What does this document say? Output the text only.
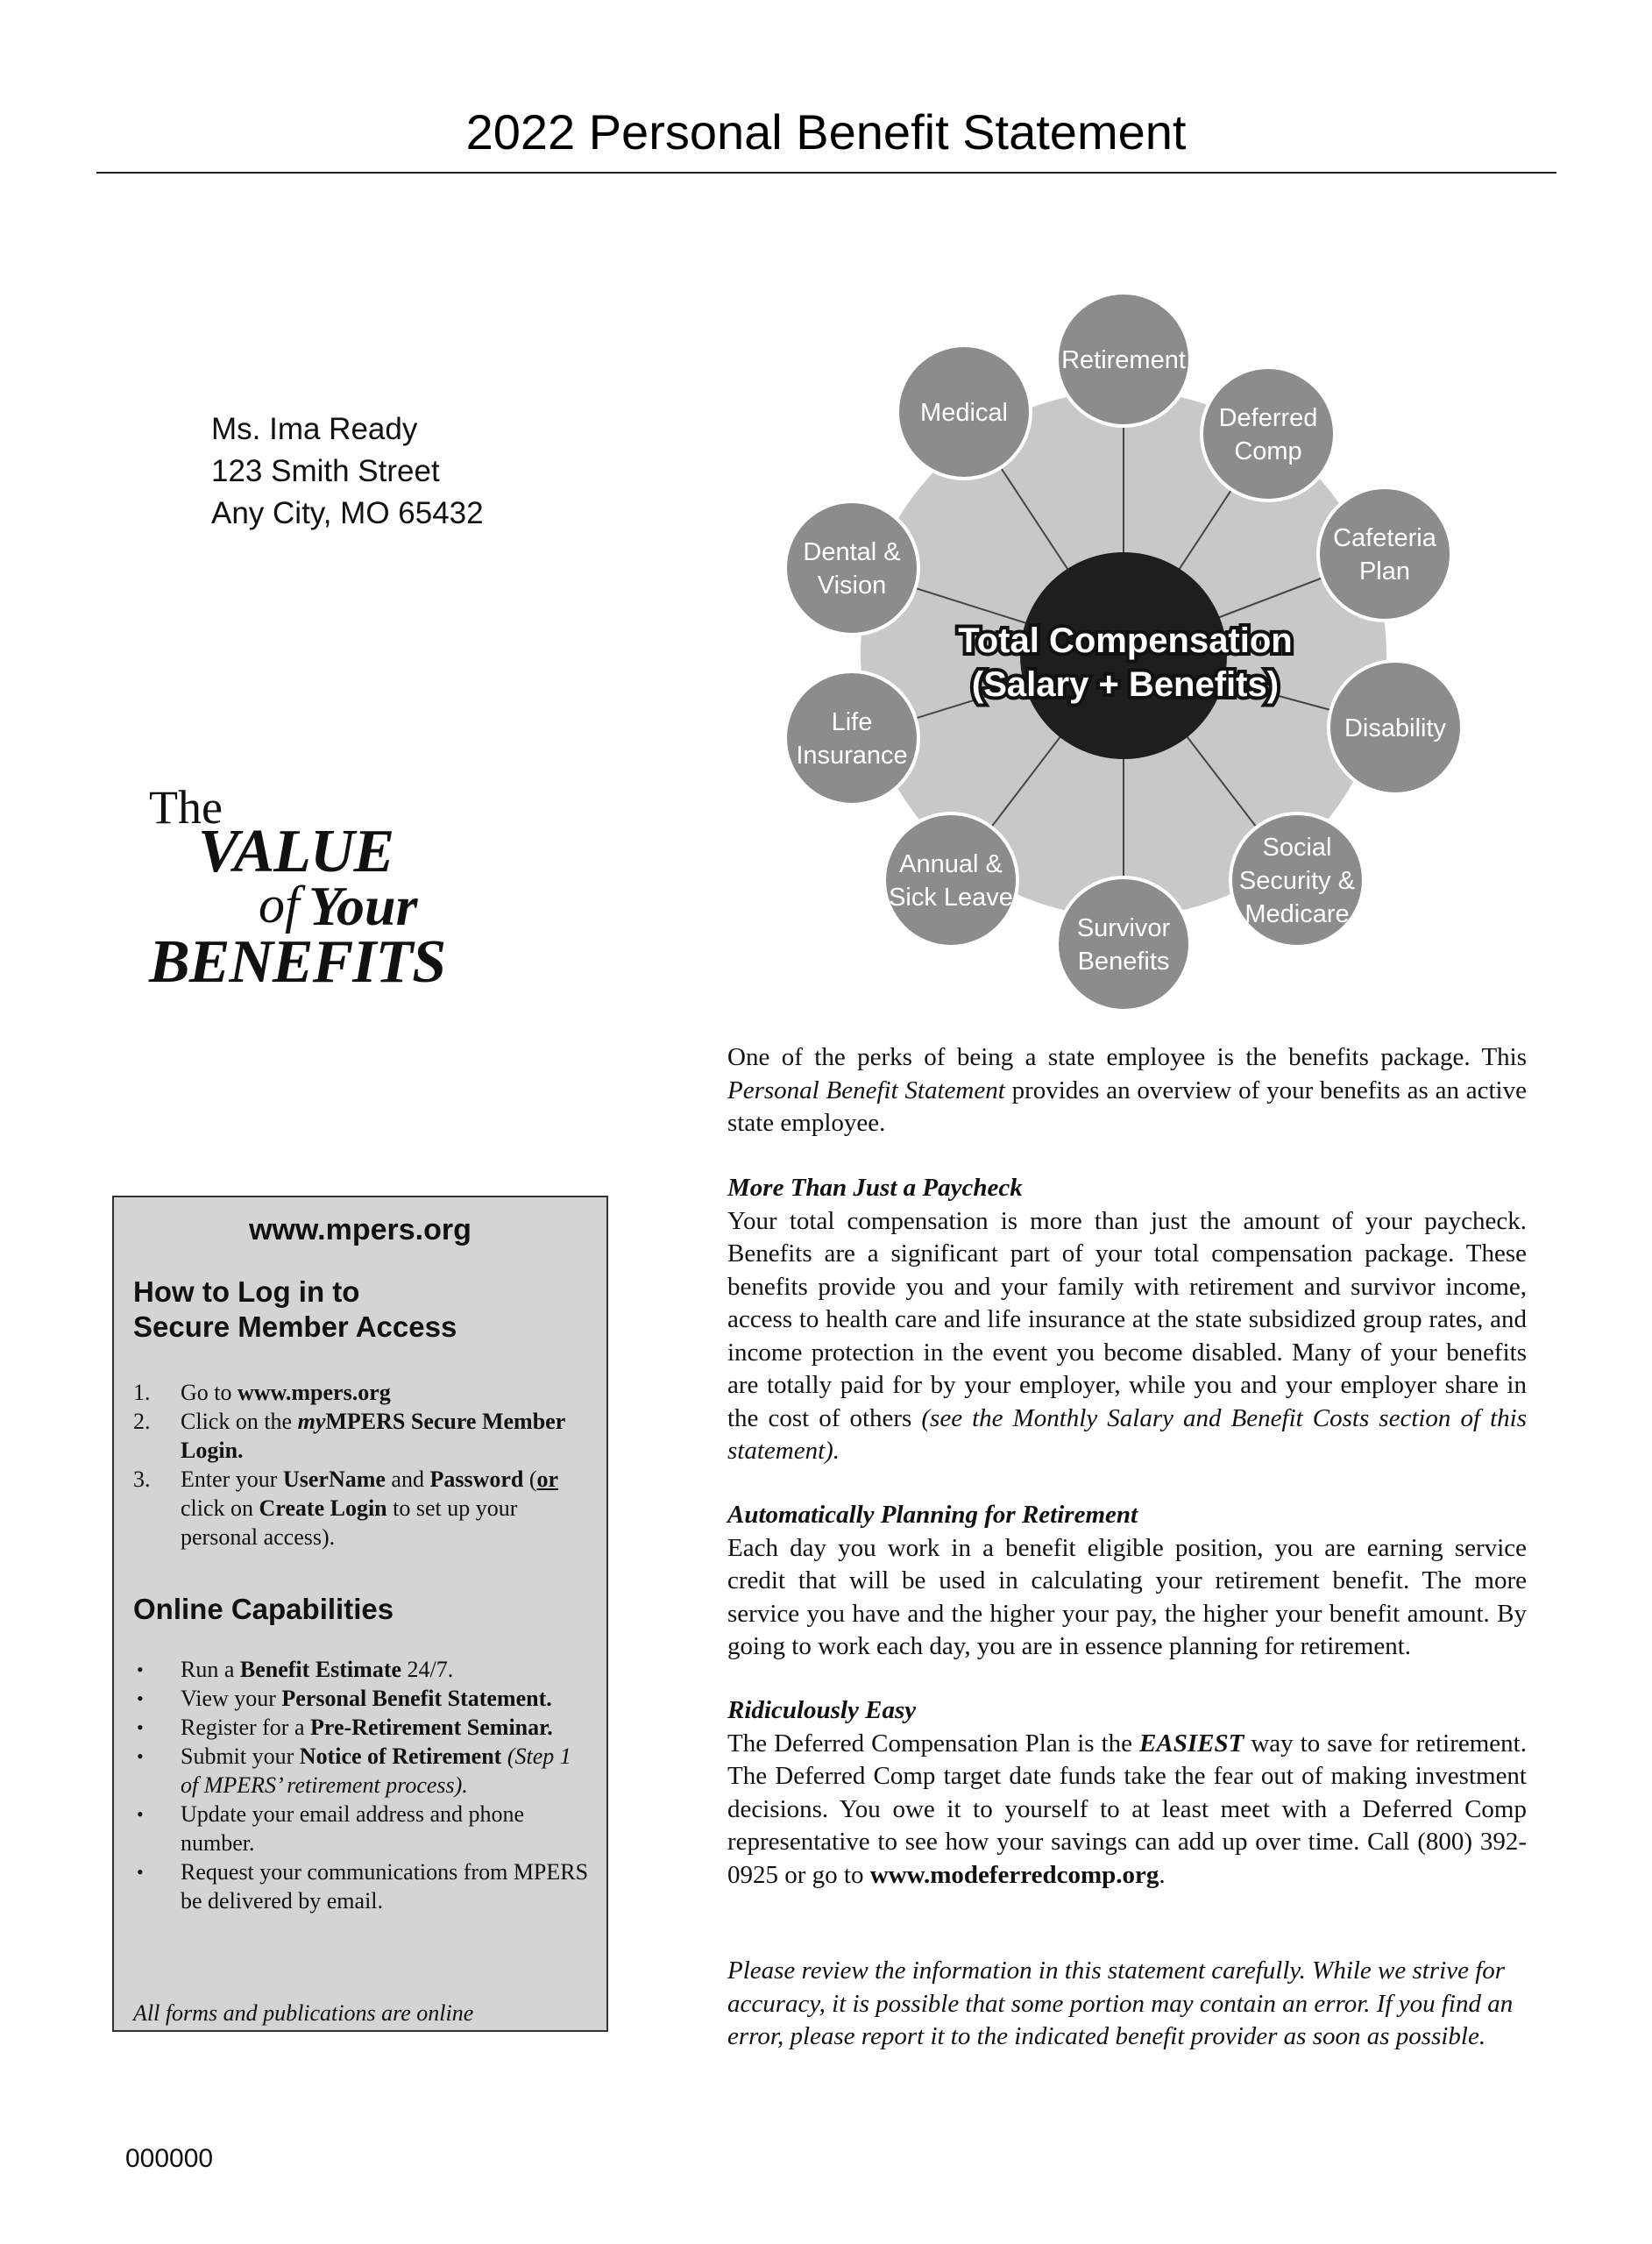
2022 Personal Benefit Statement
Ms. Ima Ready
123 Smith Street
Any City, MO 65432
The
VALUE
of Your
BENEFITS
Retirement
Deferred
Comp
Cafeteria
Plan
Disability
Social
Security &
Medicare
Survivor
Benefits
Annual &
Sick Leave
Life
Insurance
Dental &
Vision
Medical
Total Compensation
(Salary + Benefits)
www.mpers.org
How to Log in to
Secure Member Access
1.	Go to www.mpers.org
2.	Click on the myMPERS Secure Member Login.
3.	Enter your UserName and Password (or click on Create Login to set up your personal access).
Online Capabilities
•	Run a Benefit Estimate 24/7.
•	View your Personal Benefit Statement.
•	Register for a Pre-Retirement Seminar.
•	Submit your Notice of Retirement (Step 1 of MPERS’ retirement process).
•	Update your email address and phone number.
•	Request your communications from MPERS be delivered by email.
All forms and publications are online

One of the perks of being a state employee is the benefits package. This Personal Benefit Statement provides an overview of your benefits as an active state employee.

More Than Just a Paycheck
Your total compensation is more than just the amount of your paycheck. Benefits are a significant part of your total compensation package. These benefits provide you and your family with retirement and survivor income, access to health care and life insurance at the state subsidized group rates, and income protection in the event you become disabled. Many of your benefits are totally paid for by your employer, while you and your employer share in the cost of others (see the Monthly Salary and Benefit Costs section of this statement).

Automatically Planning for Retirement
Each day you work in a benefit eligible position, you are earning service credit that will be used in calculating your retirement benefit. The more service you have and the higher your pay, the higher your benefit amount. By going to work each day, you are in essence planning for retirement.

Ridiculously Easy
The Deferred Compensation Plan is the EASIEST way to save for retirement. The Deferred Comp target date funds take the fear out of making investment decisions. You owe it to yourself to at least meet with a Deferred Comp representative to see how your savings can add up over time. Call (800) 392-0925 or go to www.modeferredcomp.org.

Please review the information in this statement carefully. While we strive for accuracy, it is possible that some portion may contain an error. If you find an error, please report it to the indicated benefit provider as soon as possible.

000000
